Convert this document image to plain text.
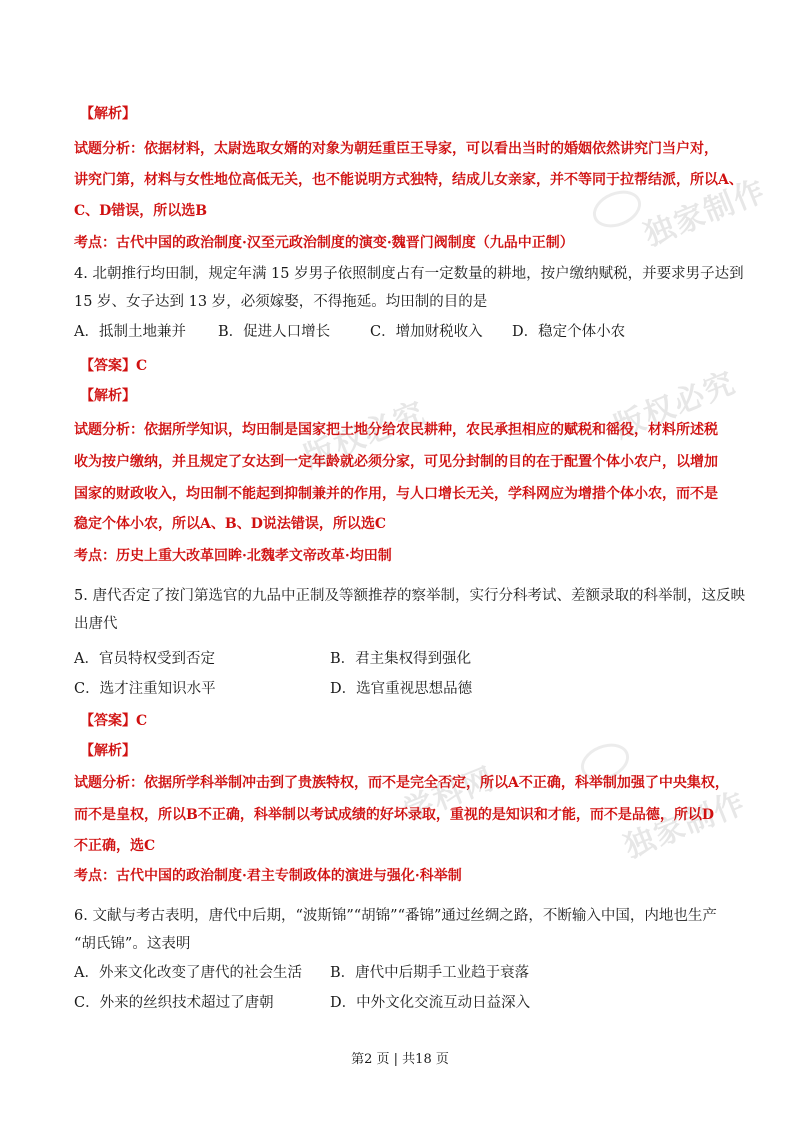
独家制作
版权必究
学科网	独家制作
版权必究
【解析】
试题分析：依据材料，太尉选取女婿的对象为朝廷重臣王导家，可以看出当时的婚姻依然讲究门当户对，
讲究门第，材料与女性地位高低无关，也不能说明方式独特，结成儿女亲家，并不等同于拉帮结派，所以A、
C、D错误，所以选B
考点：古代中国的政治制度·汉至元政治制度的演变·魏晋门阀制度（九品中正制）
4. 北朝推行均田制，规定年满 15 岁男子依照制度占有一定数量的耕地，按户缴纳赋税，并要求男子达到
15 岁、女子达到 13 岁，必须嫁娶，不得拖延。均田制的目的是
A．抵制土地兼并 B．促进人口增长	C．增加财税收入 D．稳定个体小农
【答案】C
【解析】
试题分析：依据所学知识，均田制是国家把土地分给农民耕种，农民承担相应的赋税和徭役，材料所述税
收为按户缴纳，并且规定了女达到一定年龄就必须分家，可见分封制的目的在于配置个体小农户，以增加
国家的财政收入，均田制不能起到抑制兼并的作用，与人口增长无关，学科网应为增措个体小农，而不是
稳定个体小农，所以A、B、D说法错误，所以选C
考点：历史上重大改革回眸·北魏孝文帝改革·均田制
5. 唐代否定了按门第选官的九品中正制及等额推荐的察举制，实行分科考试、差额录取的科举制，这反映
出唐代
A．官员特权受到否定	B．君主集权得到强化
C．选才注重知识水平	D．选官重视思想品德
【答案】C
【解析】
试题分析：依据所学科举制冲击到了贵族特权，而不是完全否定，所以A不正确，科举制加强了中央集权，
而不是皇权，所以B不正确，科举制以考试成绩的好坏录取，重视的是知识和才能，而不是品德，所以D
不正确，选C
考点：古代中国的政治制度·君主专制政体的演进与强化·科举制
6. 文献与考古表明，唐代中后期，“波斯锦”“胡锦”“番锦”通过丝绸之路，不断输入中国，内地也生产
“胡氏锦”。这表明
A．外来文化改变了唐代的社会生活 B．唐代中后期手工业趋于衰落
C．外来的丝织技术超过了唐朝	D．中外文化交流互动日益深入
第2 页 | 共18 页
